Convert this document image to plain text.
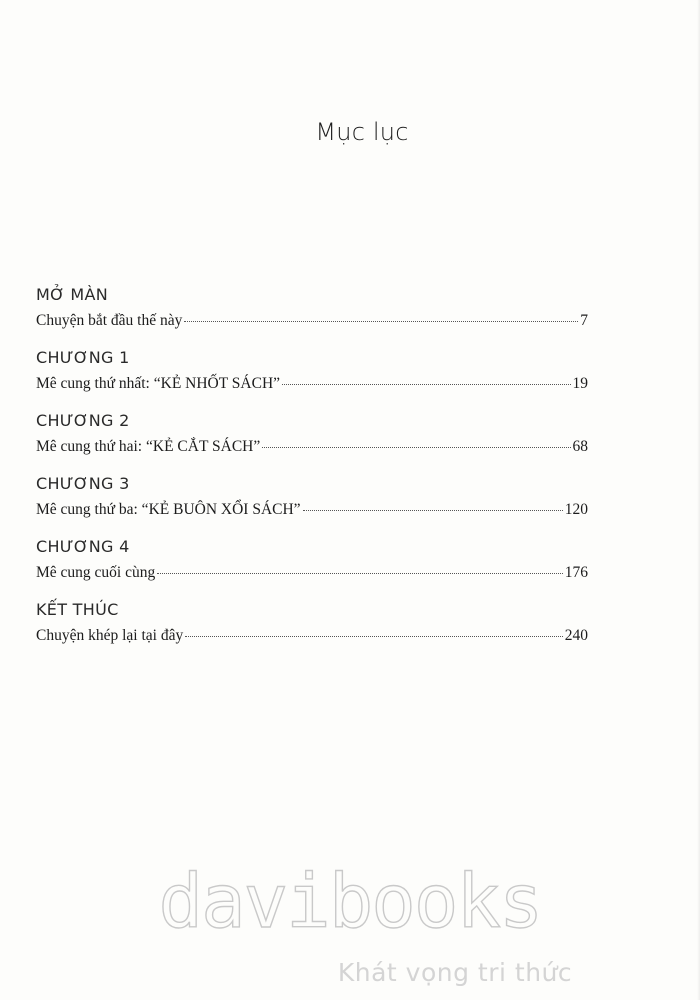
Mục lục
MỞ MÀN
Chuyện bắt đầu thế này	7
CHƯƠNG 1
Mê cung thứ nhất: “KẺ NHỐT SÁCH”	19
CHƯƠNG 2
Mê cung thứ hai: “KẺ CẮT SÁCH”	68
CHƯƠNG 3
Mê cung thứ ba: “KẺ BUÔN XỔI SÁCH”	120
CHƯƠNG 4
Mê cung cuối cùng	176
KẾT THÚC
Chuyện khép lại tại đây	240
davibooks
Khát vọng tri thức
